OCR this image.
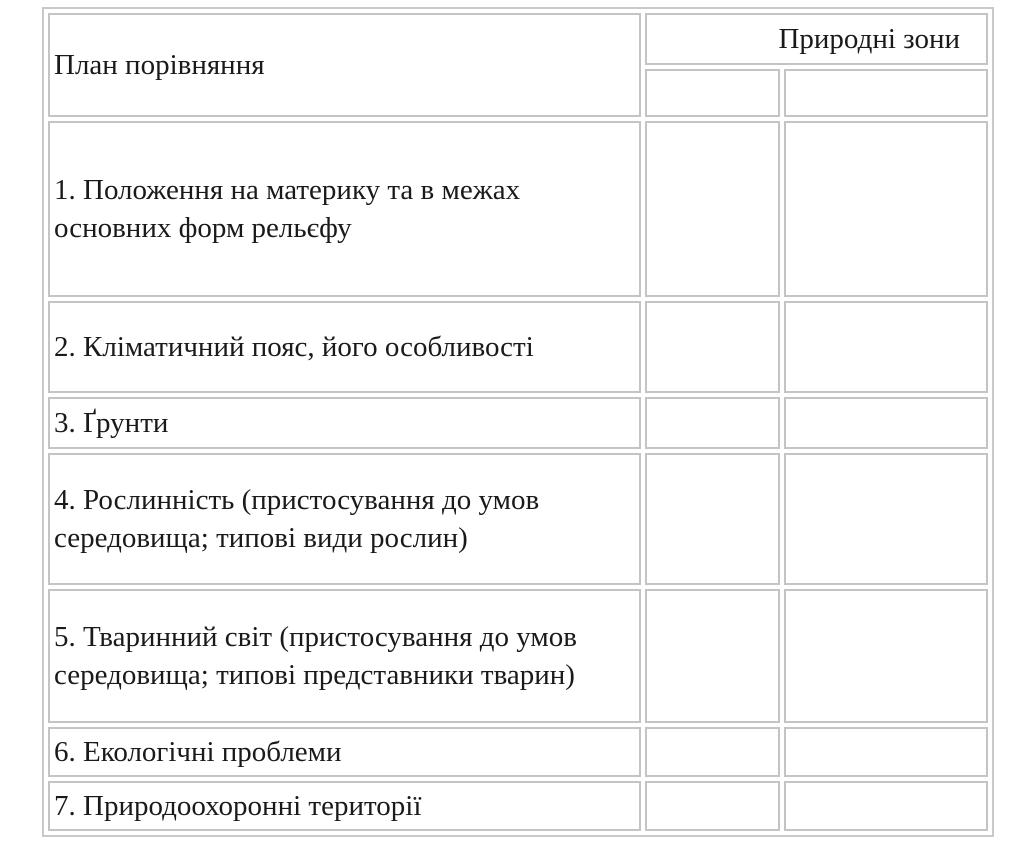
План порівняння	Природні зони	

1. Положення на материку та в межах основних форм рельєфу		
2. Кліматичний пояс, його особливості		
3. Ґрунти		
4. Рослинність (пристосування до умов середовища; типові види рослин)		
5. Тваринний світ (пристосування до умов середовища; типові представники тварин)		
6. Екологічні проблеми		
7. Природоохоронні території		
